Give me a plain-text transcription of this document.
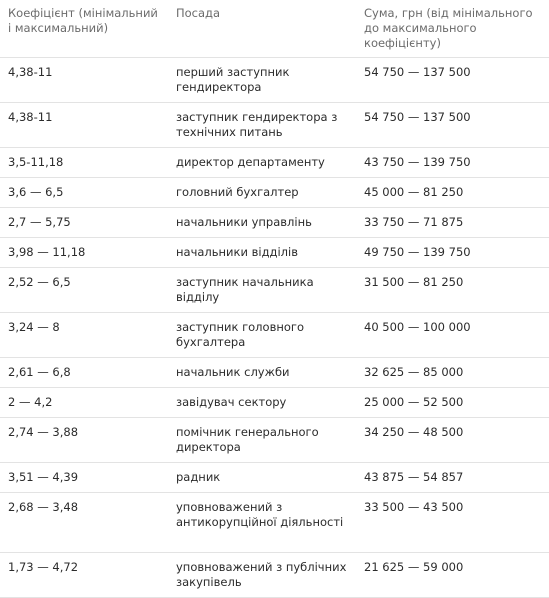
Коефіцієнт (мінімальний і максимальний)	Посада	Сума, грн (від мінімального до максимального коефіцієнту)
4,38-11	перший заступник гендиректора	54 750 — 137 500
4,38-11	заступник гендиректора з технічних питань	54 750 — 137 500
3,5-11,18	директор департаменту	43 750 — 139 750
3,6 — 6,5	головний бухгалтер	45 000 — 81 250
2,7 — 5,75	начальники управлінь	33 750 — 71 875
3,98 — 11,18	начальники відділів	49 750 — 139 750
2,52 — 6,5	заступник начальника відділу	31 500 — 81 250
3,24 — 8	заступник головного бухгалтера	40 500 — 100 000
2,61 — 6,8	начальник служби	32 625 — 85 000
2 — 4,2	завідувач сектору	25 000 — 52 500
2,74 — 3,88	помічник генерального директора	34 250 — 48 500
3,51 — 4,39	радник	43 875 — 54 857
2,68 — 3,48	уповноважений з антикорупційної діяльності	33 500 — 43 500
1,73 — 4,72	уповноважений з публічних закупівель	21 625 — 59 000
